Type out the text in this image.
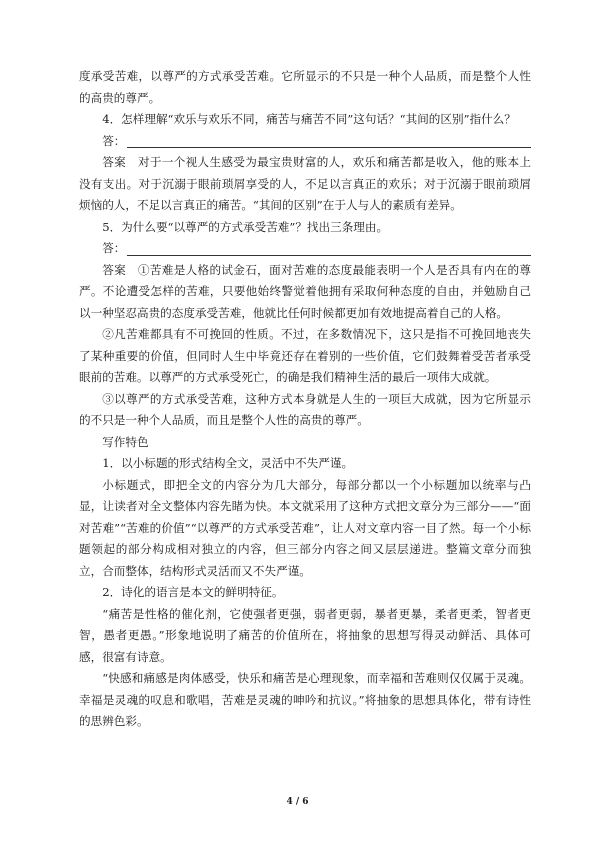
度承受苦难，以尊严的方式承受苦难。它所显示的不只是一种个人品质，而是整个人性的高贵的尊严。

4．怎样理解“欢乐与欢乐不同，痛苦与痛苦不同”这句话？“其间的区别”指什么？

答：

答案　对于一个视人生感受为最宝贵财富的人，欢乐和痛苦都是收入，他的账本上没有支出。对于沉溺于眼前琐屑享受的人，不足以言真正的欢乐；对于沉溺于眼前琐屑烦恼的人，不足以言真正的痛苦。“其间的区别”在于人与人的素质有差异。

5．为什么要“以尊严的方式承受苦难”？找出三条理由。

答：

答案　①苦难是人格的试金石，面对苦难的态度最能表明一个人是否具有内在的尊严。不论遭受怎样的苦难，只要他始终警觉着他拥有采取何种态度的自由，并勉励自己以一种坚忍高贵的态度承受苦难，他就比任何时候都更加有效地提高着自己的人格。

②凡苦难都具有不可挽回的性质。不过，在多数情况下，这只是指不可挽回地丧失了某种重要的价值，但同时人生中毕竟还存在着别的一些价值，它们鼓舞着受苦者承受眼前的苦难。以尊严的方式承受死亡，的确是我们精神生活的最后一项伟大成就。

③以尊严的方式承受苦难，这种方式本身就是人生的一项巨大成就，因为它所显示的不只是一种个人品质，而且是整个人性的高贵的尊严。

写作特色

1．以小标题的形式结构全文，灵活中不失严谨。

小标题式，即把全文的内容分为几大部分，每部分都以一个小标题加以统率与凸显，让读者对全文整体内容先睹为快。本文就采用了这种方式把文章分为三部分——“面对苦难”“苦难的价值”“以尊严的方式承受苦难”，让人对文章内容一目了然。每一个小标题领起的部分构成相对独立的内容，但三部分内容之间又层层递进。整篇文章分而独立，合而整体，结构形式灵活而又不失严谨。

2．诗化的语言是本文的鲜明特征。

“痛苦是性格的催化剂，它使强者更强，弱者更弱，暴者更暴，柔者更柔，智者更智，愚者更愚。”形象地说明了痛苦的价值所在，将抽象的思想写得灵动鲜活、具体可感，很富有诗意。

“快感和痛感是肉体感受，快乐和痛苦是心理现象，而幸福和苦难则仅仅属于灵魂。幸福是灵魂的叹息和歌唱，苦难是灵魂的呻吟和抗议。”将抽象的思想具体化，带有诗性的思辨色彩。

4 / 6
